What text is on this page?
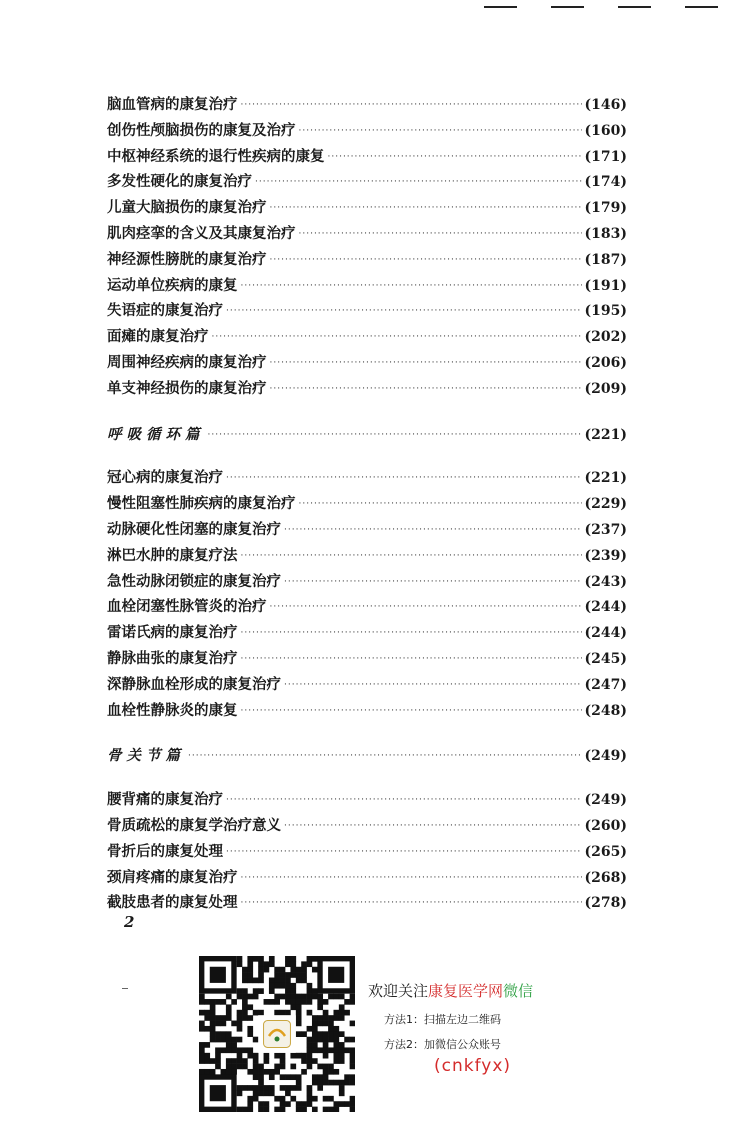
脑血管病的康复治疗 ·····	(146)
创伤性颅脑损伤的康复及治疗 ·····	(160)
中枢神经系统的退行性疾病的康复 ·····	(171)
多发性硬化的康复治疗 ·····	(174)
儿童大脑损伤的康复治疗 ·····	(179)
肌肉痉挛的含义及其康复治疗 ·····	(183)
神经源性膀胱的康复治疗 ·····	(187)
运动单位疾病的康复 ·····	(191)
失语症的康复治疗 ·····	(195)
面瘫的康复治疗 ·····	(202)
周围神经疾病的康复治疗 ·····	(206)
单支神经损伤的康复治疗 ·····	(209)
呼吸循环篇 ·····	(221)
冠心病的康复治疗 ·····	(221)
慢性阻塞性肺疾病的康复治疗 ·····	(229)
动脉硬化性闭塞的康复治疗 ·····	(237)
淋巴水肿的康复疗法 ·····	(239)
急性动脉闭锁症的康复治疗 ·····	(243)
血栓闭塞性脉管炎的治疗 ·····	(244)
雷诺氏病的康复治疗 ·····	(244)
静脉曲张的康复治疗 ·····	(245)
深静脉血栓形成的康复治疗 ·····	(247)
血栓性静脉炎的康复 ·····	(248)
骨关节篇 ·····	(249)
腰背痛的康复治疗 ·····	(249)
骨质疏松的康复学治疗意义 ·····	(260)
骨折后的康复处理 ·····	(265)
颈肩疼痛的康复治疗 ·····	(268)
截肢患者的康复处理 ·····	(278)
2
欢迎关注康复医学网微信
方法1：扫描左边二维码
方法2：加微信公众账号
(cnkfyx)
